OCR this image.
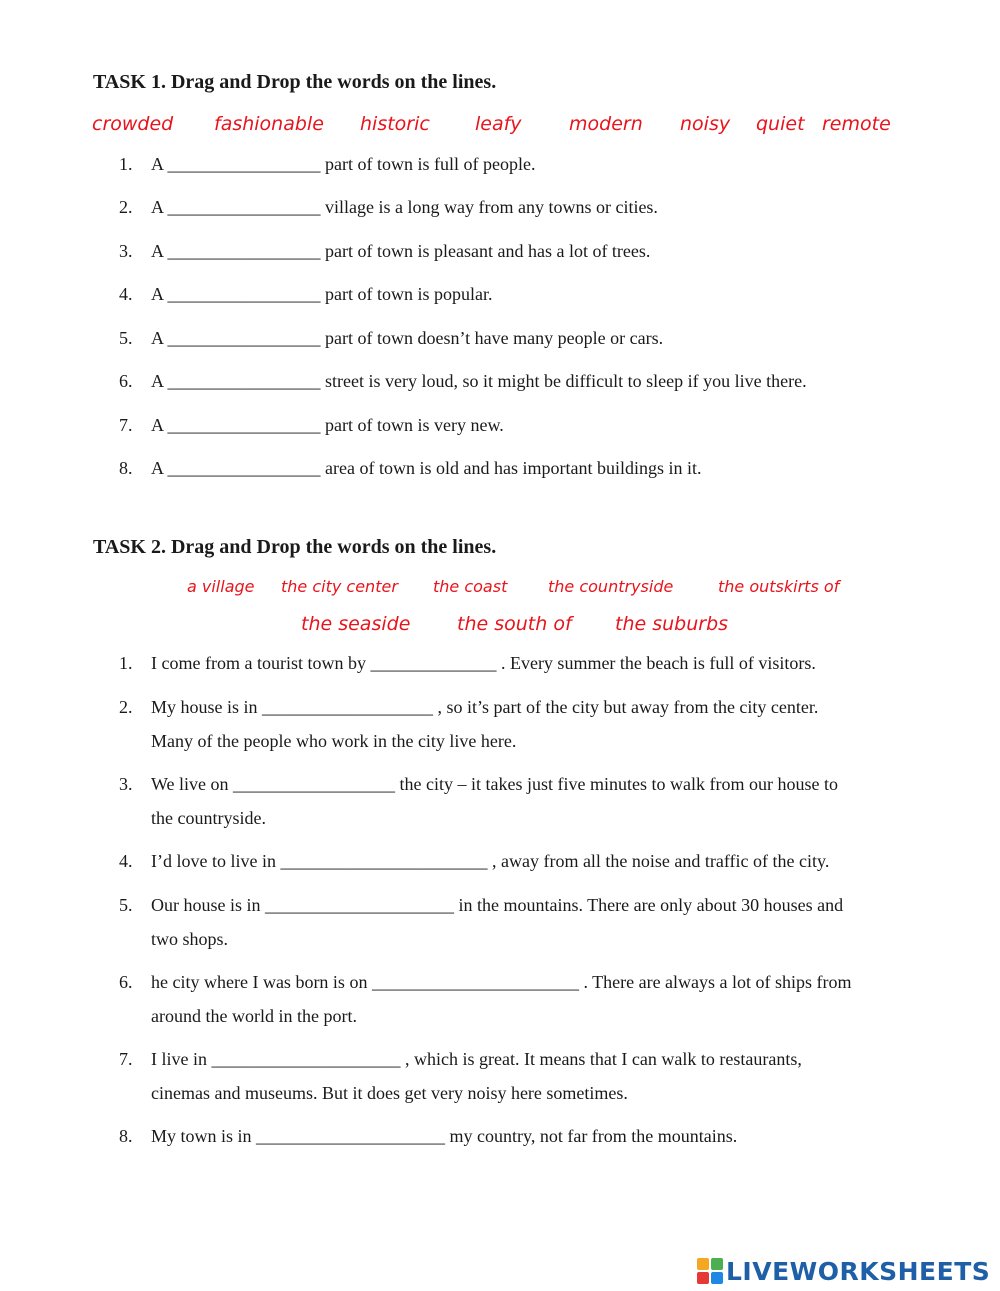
TASK 1. Drag and Drop the words on the lines.
crowded fashionable historic leafy modern noisy quiet remote
1.	A _________________ part of town is full of people.
2.	A _________________ village is a long way from any towns or cities.
3.	A _________________ part of town is pleasant and has a lot of trees.
4.	A _________________ part of town is popular.
5.	A _________________ part of town doesn’t have many people or cars.
6.	A _________________ street is very loud, so it might be difficult to sleep if you live there.
7.	A _________________ part of town is very new.
8.	A _________________ area of town is old and has important buildings in it.
TASK 2. Drag and Drop the words on the lines.
a village the city center the coast	the countryside	the outskirts of
the seaside the south of the suburbs
1.	I come from a tourist town by ______________ . Every summer the beach is full of visitors.
2.	My house is in ___________________ , so it’s part of the city but away from the city center.
Many of the people who work in the city live here.
3.	We live on __________________ the city – it takes just five minutes to walk from our house to
the countryside.
4.	I’d love to live in _______________________ , away from all the noise and traffic of the city.
5.	Our house is in _____________________ in the mountains. There are only about 30 houses and
two shops.
6.	he city where I was born is on _______________________ . There are always a lot of ships from
around the world in the port.
7.	I live in _____________________ , which is great. It means that I can walk to restaurants,
cinemas and museums. But it does get very noisy here sometimes.
8.	My town is in _____________________ my country, not far from the mountains.
LIVEWORKSHEETS
